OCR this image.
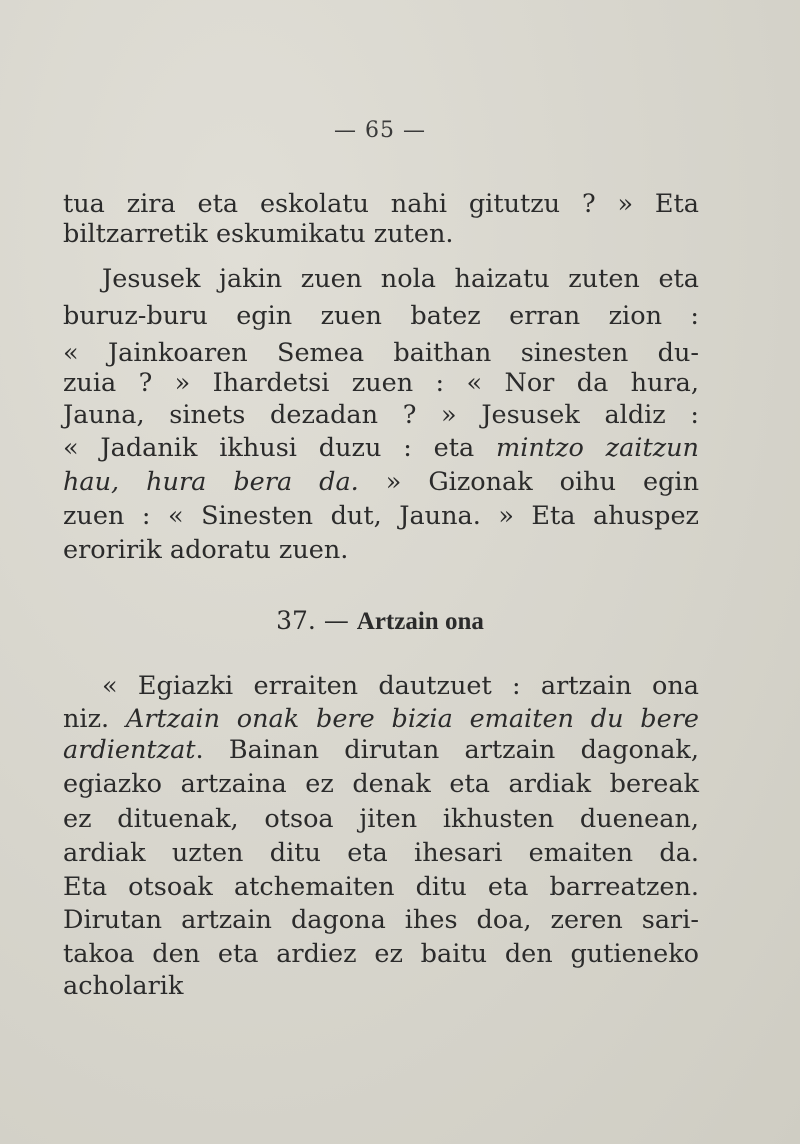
— 65 —
tua zira eta eskolatu nahi gitutzu ? » Eta
biltzarretik eskumikatu zuten.
Jesusek jakin zuen nola haizatu zuten eta
buruz-buru egin zuen batez erran zion :
« Jainkoaren Semea baithan sinesten du-
zuia ? » Ihardetsi zuen : « Nor da hura,
Jauna, sinets dezadan ? » Jesusek aldiz :
« Jadanik ikhusi duzu : eta mintzo zaitzun
hau, hura bera da. » Gizonak oihu egin
zuen : « Sinesten dut, Jauna. » Eta ahuspez
eroririk adoratu zuen.
37. — Artzain ona
« Egiazki erraiten dautzuet : artzain ona
niz. Artzain onak bere bizia emaiten du bere
ardientzat. Bainan dirutan artzain dagonak,
egiazko artzaina ez denak eta ardiak bereak
ez dituenak, otsoa jiten ikhusten duenean,
ardiak uzten ditu eta ihesari emaiten da.
Eta otsoak atchemaiten ditu eta barreatzen.
Dirutan artzain dagona ihes doa, zeren sari-
takoa den eta ardiez ez baitu den gutieneko
acholarik
